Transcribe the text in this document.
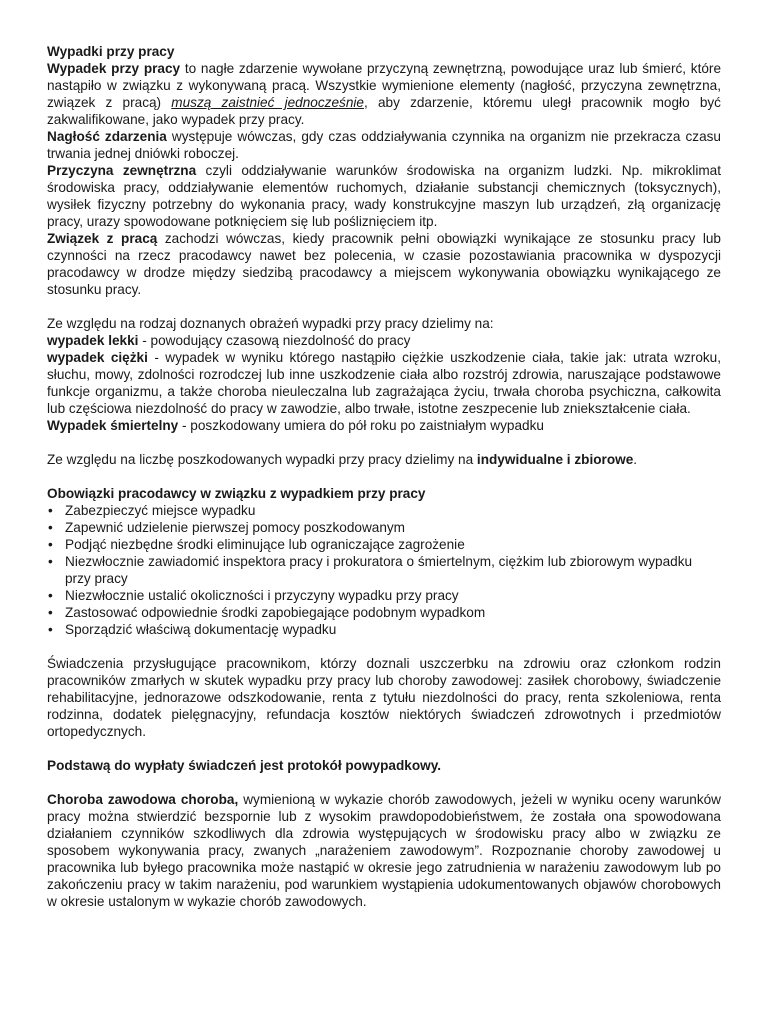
Wypadki przy pracy

Wypadek przy pracy to nagłe zdarzenie wywołane przyczyną zewnętrzną, powodujące uraz lub śmierć, które nastąpiło w związku z wykonywaną pracą. Wszystkie wymienione elementy (nagłość, przyczyna zewnętrzna, związek z pracą) muszą zaistnieć jednocześnie, aby zdarzenie, któremu uległ pracownik mogło być zakwalifikowane, jako wypadek przy pracy.

Nagłość zdarzenia występuje wówczas, gdy czas oddziaływania czynnika na organizm nie przekracza czasu trwania jednej dniówki roboczej.

Przyczyna zewnętrzna czyli oddziaływanie warunków środowiska na organizm ludzki. Np. mikroklimat środowiska pracy, oddziaływanie elementów ruchomych, działanie substancji chemicznych (toksycznych), wysiłek fizyczny potrzebny do wykonania pracy, wady konstrukcyjne maszyn lub urządzeń, złą organizację pracy, urazy spowodowane potknięciem się lub pośliznięciem itp.

Związek z pracą zachodzi wówczas, kiedy pracownik pełni obowiązki wynikające ze stosunku pracy lub czynności na rzecz pracodawcy nawet bez polecenia, w czasie pozostawiania pracownika w dyspozycji pracodawcy w drodze między siedzibą pracodawcy a miejscem wykonywania obowiązku wynikającego ze stosunku pracy.

Ze względu na rodzaj doznanych obrażeń wypadki przy pracy dzielimy na:

wypadek lekki - powodujący czasową niezdolność do pracy

wypadek ciężki - wypadek w wyniku którego nastąpiło ciężkie uszkodzenie ciała, takie jak: utrata wzroku, słuchu, mowy, zdolności rozrodczej lub inne uszkodzenie ciała albo rozstrój zdrowia, naruszające podstawowe funkcje organizmu, a także choroba nieuleczalna lub zagrażająca życiu, trwała choroba psychiczna, całkowita lub częściowa niezdolność do pracy w zawodzie, albo trwałe, istotne zeszpecenie lub zniekształcenie ciała.

Wypadek śmiertelny - poszkodowany umiera do pół roku po zaistniałym wypadku

Ze względu na liczbę poszkodowanych wypadki przy pracy dzielimy na indywidualne i zbiorowe.

Obowiązki pracodawcy w związku z wypadkiem przy pracy

• Zabezpieczyć miejsce wypadku
• Zapewnić udzielenie pierwszej pomocy poszkodowanym
• Podjąć niezbędne środki eliminujące lub ograniczające zagrożenie
• Niezwłocznie zawiadomić inspektora pracy i prokuratora o śmiertelnym, ciężkim lub zbiorowym wypadku przy pracy
• Niezwłocznie ustalić okoliczności i przyczyny wypadku przy pracy
• Zastosować odpowiednie środki zapobiegające podobnym wypadkom
• Sporządzić właściwą dokumentację wypadku

Świadczenia przysługujące pracownikom, którzy doznali uszczerbku na zdrowiu oraz członkom rodzin pracowników zmarłych w skutek wypadku przy pracy lub choroby zawodowej: zasiłek chorobowy, świadczenie rehabilitacyjne, jednorazowe odszkodowanie, renta z tytułu niezdolności do pracy, renta szkoleniowa, renta rodzinna, dodatek pielęgnacyjny, refundacja kosztów niektórych świadczeń zdrowotnych i przedmiotów ortopedycznych.

Podstawą do wypłaty świadczeń jest protokół powypadkowy.

Choroba zawodowa choroba, wymienioną w wykazie chorób zawodowych, jeżeli w wyniku oceny warunków pracy można stwierdzić bezspornie lub z wysokim prawdopodobieństwem, że została ona spowodowana działaniem czynników szkodliwych dla zdrowia występujących w środowisku pracy albo w związku ze sposobem wykonywania pracy, zwanych „narażeniem zawodowym”. Rozpoznanie choroby zawodowej u pracownika lub byłego pracownika może nastąpić w okresie jego zatrudnienia w narażeniu zawodowym lub po zakończeniu pracy w takim narażeniu, pod warunkiem wystąpienia udokumentowanych objawów chorobowych w okresie ustalonym w wykazie chorób zawodowych.
